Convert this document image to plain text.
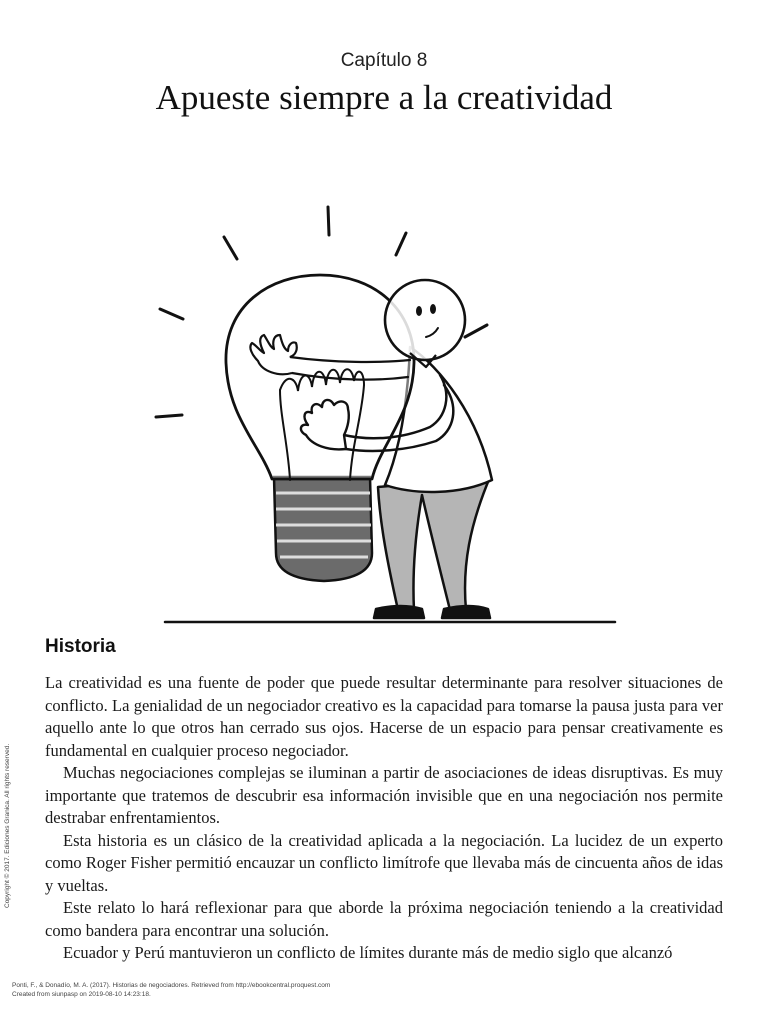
Capítulo 8
Apueste siempre a la creatividad
Historia

La creatividad es una fuente de poder que puede resultar determinante para resolver situaciones de conflicto. La genialidad de un negociador creativo es la capacidad para tomarse la pausa justa para ver aquello ante lo que otros han cerrado sus ojos. Hacerse de un espacio para pensar creativamente es fundamental en cualquier proceso negociador.

Muchas negociaciones complejas se iluminan a partir de asociaciones de ideas disruptivas. Es muy importante que tratemos de descubrir esa información invisible que en una negociación nos permite destrabar enfrentamientos.

Esta historia es un clásico de la creatividad aplicada a la negociación. La lucidez de un experto como Roger Fisher permitió encauzar un conflicto limítrofe que llevaba más de cincuenta años de idas y vueltas.

Este relato lo hará reflexionar para que aborde la próxima negociación teniendo a la creatividad como bandera para encontrar una solución.

Ecuador y Perú mantuvieron un conflicto de límites durante más de medio siglo que alcanzó

Copyright © 2017. Ediciones Granica. All rights reserved.
Ponti, F., & Donadío, M. A. (2017). Historias de negociadores. Retrieved from http://ebookcentral.proquest.com
Created from siunpasp on 2019-08-10 14:23:18.
